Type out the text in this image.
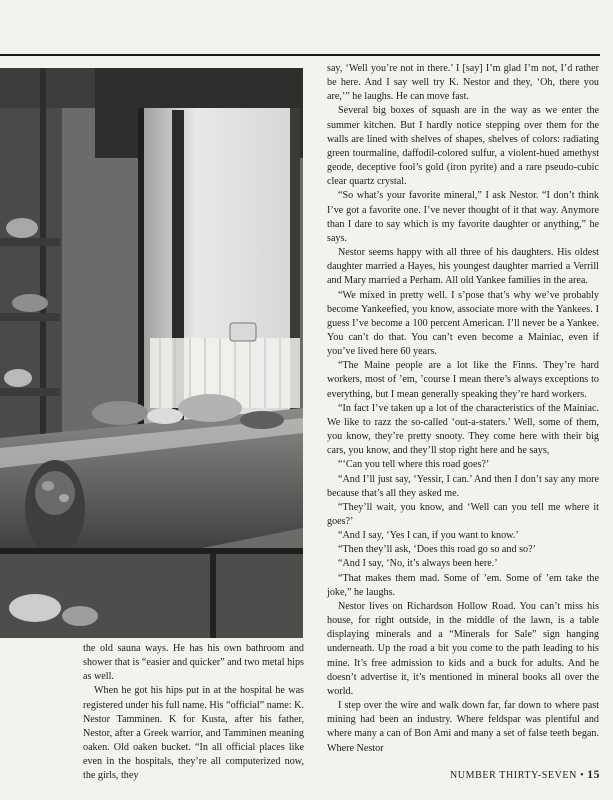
the old sauna ways. He has his own bathroom and shower that is “easier and quicker” and two metal hips as well.

When he got his hips put in at the hospital he was registered under his full name. His “official” name: K. Nestor Tamminen. K for Kusta, after his father, Nestor, after a Greek warrior, and Tamminen meaning oaken. Old oaken bucket. “In all official places like even in the hospitals, they’re all computerized now, the girls, they

say, ‘Well you’re not in there.’ I [say] I’m glad I’m not, I’d rather be here. And I say well try K. Nestor and they, ‘Oh, there you are,’” he laughs. He can move fast.

Several big boxes of squash are in the way as we enter the summer kitchen. But I hardly notice stepping over them for the walls are lined with shelves of shapes, shelves of colors: radiating green tourmaline, daffodil-colored sulfur, a violent-hued amethyst geode, deceptive fool’s gold (iron pyrite) and a rare pseudo-cubic clear quartz crystal.

“So what’s your favorite mineral,” I ask Nestor. “I don’t think I’ve got a favorite one. I’ve never thought of it that way. Anymore than I dare to say which is my favorite daughter or anything,” he says.

Nestor seems happy with all three of his daughters. His oldest daughter married a Hayes, his youngest daughter married a Verrill and Mary married a Perham. All old Yankee families in the area.

“We mixed in pretty well. I s’pose that’s why we’ve probably become Yankeefied, you know, associate more with the Yankees. I guess I’ve become a 100 percent American. I’ll never be a Yankee. You can’t do that. You can’t even become a Mainiac, even if you’ve lived here 60 years.

“The Maine people are a lot like the Finns. They’re hard workers, most of ’em, ’course I mean there’s always exceptions to everything, but I mean generally speaking they’re hard workers.

“In fact I’ve taken up a lot of the characteristics of the Mainiac. We like to razz the so-called ‘out-a-staters.’ Well, some of them, you know, they’re pretty snooty. They come here with their big cars, you know, and they’ll stop right here and he says,

“‘Can you tell where this road goes?’

“And I’ll just say, ‘Yessir, I can.’ And then I don’t say any more because that’s all they asked me.

“They’ll wait, you know, and ‘Well can you tell me where it goes?’

“And I say, ‘Yes I can, if you want to know.’

“Then they’ll ask, ‘Does this road go so and so?’

“And I say, ‘No, it’s always been here.’

“That makes them mad. Some of ’em. Some of ’em take the joke,” he laughs.

Nestor lives on Richardson Hollow Road. You can’t miss his house, for right outside, in the middle of the lawn, is a table displaying minerals and a “Minerals for Sale” sign hanging underneath. Up the road a bit you come to the path leading to his mine. It’s free admission to kids and a buck for adults. And he doesn’t advertise it, it’s mentioned in mineral books all over the world.

I step over the wire and walk down far, far down to where past mining had been an industry. Where feldspar was plentiful and where many a can of Bon Ami and many a set of false teeth began. Where Nestor

NUMBER THIRTY-SEVEN • 15
